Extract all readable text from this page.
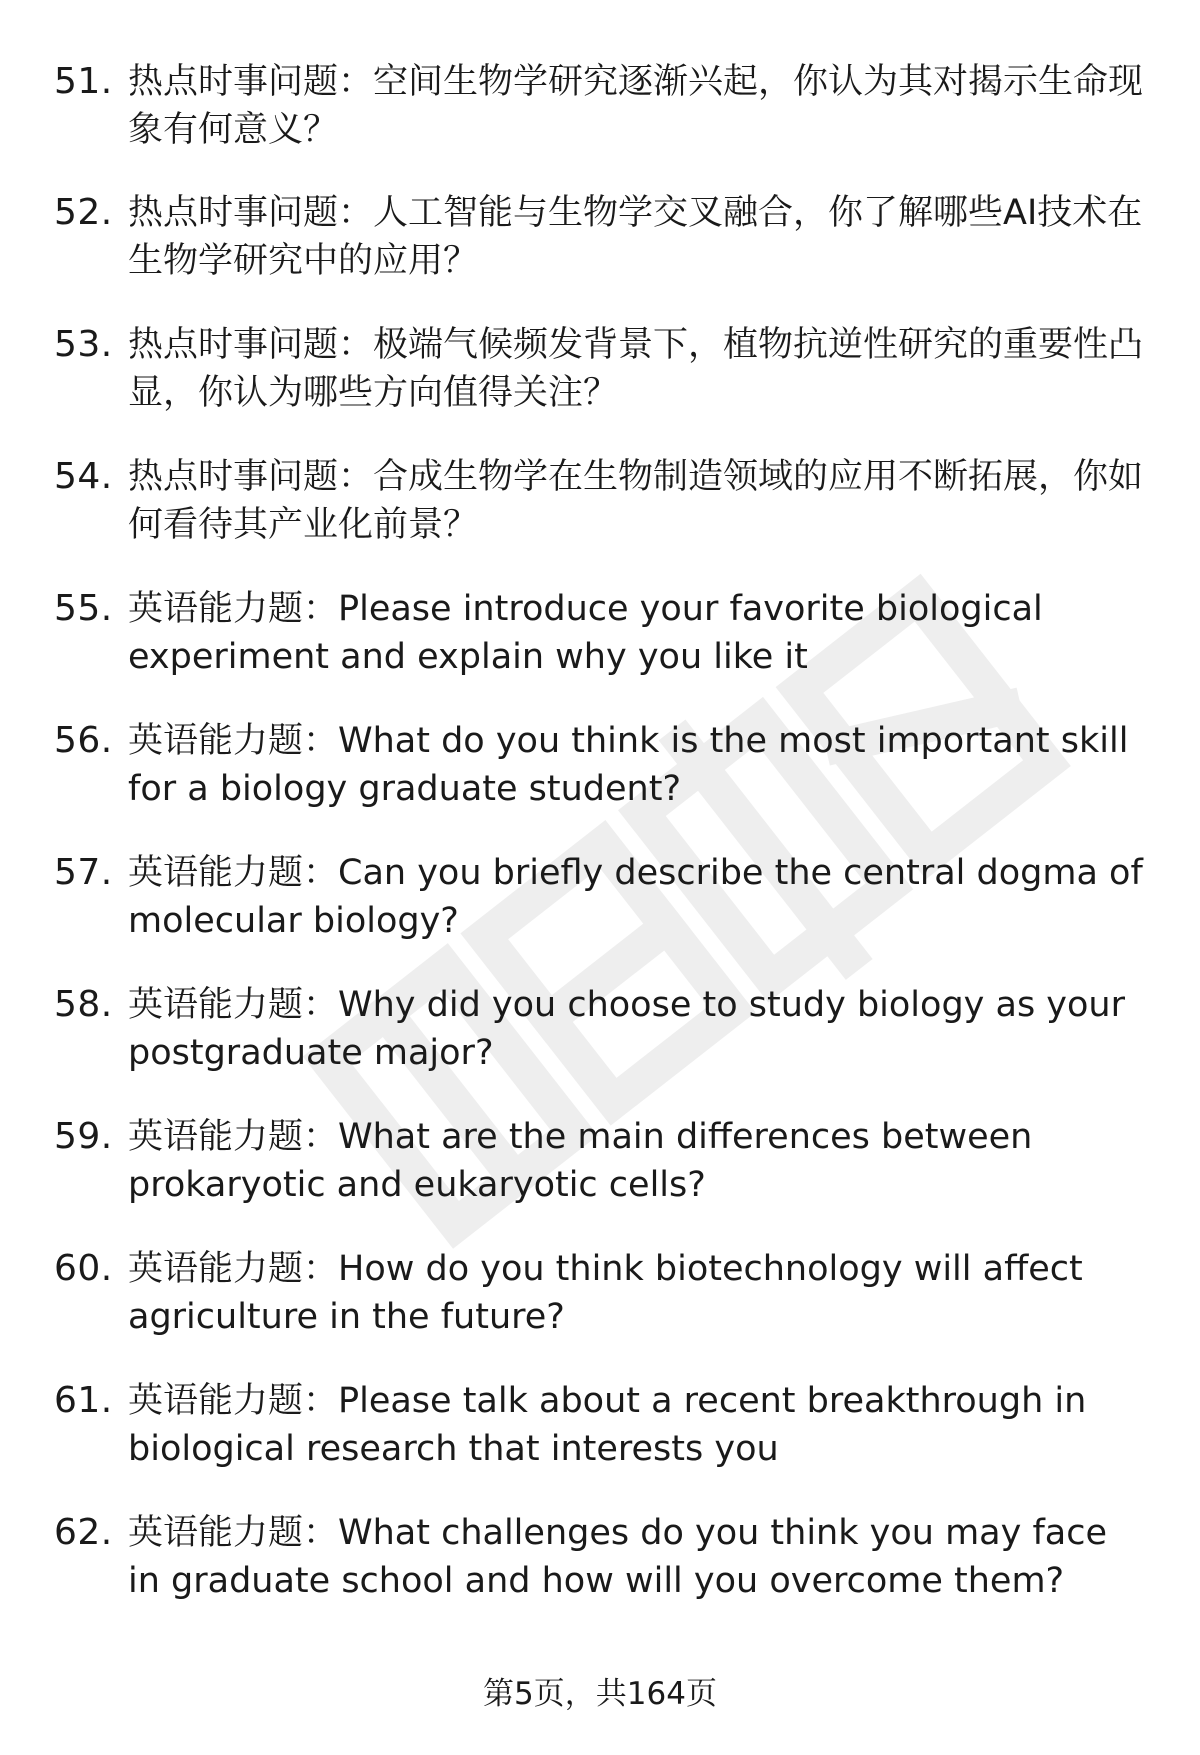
51. 热点时事问题：空间生物学研究逐渐兴起，你认为其对揭示生命现象有何意义？
52. 热点时事问题：人工智能与生物学交叉融合，你了解哪些AI技术在生物学研究中的应用？
53. 热点时事问题：极端气候频发背景下，植物抗逆性研究的重要性凸显，你认为哪些方向值得关注？
54. 热点时事问题：合成生物学在生物制造领域的应用不断拓展，你如何看待其产业化前景？
55. 英语能力题：Please introduce your favorite biological experiment and explain why you like it
56. 英语能力题：What do you think is the most important skill for a biology graduate student?
57. 英语能力题：Can you briefly describe the central dogma of molecular biology?
58. 英语能力题：Why did you choose to study biology as your postgraduate major?
59. 英语能力题：What are the main differences between prokaryotic and eukaryotic cells?
60. 英语能力题：How do you think biotechnology will affect agriculture in the future?
61. 英语能力题：Please talk about a recent breakthrough in biological research that interests you
62. 英语能力题：What challenges do you think you may face in graduate school and how will you overcome them?
第5页，共164页
